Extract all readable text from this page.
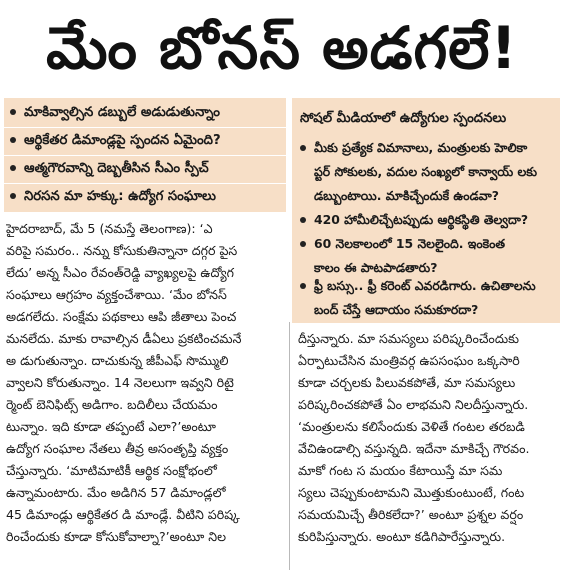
మేం బోనస్ అడగలే!
మాకివ్వాల్సిన డబ్బులే అడుడుతున్నాం
ఆర్థికేతర డిమాండ్లపై స్పందన ఏమైంది?
ఆత్మగౌరవాన్ని దెబ్బతీసిన సీఎం స్పీచ్
నిరసన మా హక్కు: ఉద్యోగ సంఘాలు
సోషల్ మీడియాలో ఉద్యోగుల స్పందనలు
మీకు ప్రత్యేక విమానాలు, మంత్రులకు హెలికా
ప్టర్ సోకులకు, వదుల సంఖ్యలో కాన్వాయ్ లకు
డబ్బుంటాయి. మాకిచ్చేందుకే ఉండవా?
420 హామీలిచ్చేటప్పుడు ఆర్థికస్థితి తెల్వదా?
60 నెలకాలంలో 15 నెలలైంది. ఇంకెంత
కాలం ఈ పాటపాడతారు?
ఫ్రీ బస్సు.. ఫ్రీ కరెంట్ ఎవరడిగారు. ఉచితాలను
బంద్ చేస్తే ఆదాయం సమకూరదా?
హైదరాబాద్, మే 5 (నమస్తే తెలంగాణ): ‘ఎ
వరిపై సమరం.. నన్ను కోసుకుతిన్నానా దగ్గర పైస
లేదు’ అన్న సీఎం రేవంత్‌రెడ్డి వ్యాఖ్యలపై ఉద్యోగ
సంఘాలు ఆగ్రహం వ్యక్తంచేశాయి. ‘మేం బోనస్
అడగలేదు. సంక్షేమ పథకాలు ఆపి జీతాలు పెంచ
మనలేదు. మాకు రావాల్సిన డీఏలు ప్రకటించమనే
అ డుగుతున్నాం. దాచుకున్న జీపీఎఫ్ సొమ్ములి
వ్వాలని కోరుతున్నాం. 14 నెలలుగా ఇవ్వని రిటై
ర్మెంట్ బెనిఫిట్స్ అడిగాం. బదిలీలు చేయమం
టున్నాం. ఇది కూడా తప్పంటే ఎలా?’అంటూ
ఉద్యోగ సంఘాల నేతలు తీవ్ర అసంతృప్తి వ్యక్తం
చేస్తున్నారు. ‘మాటిమాటికీ ఆర్థిక సంక్షోభంలో
ఉన్నామంటారు. మేం అడిగిన 57 డిమాండ్లలో
45 డిమాండ్లు ఆర్థికేతర డి మాండ్లే. వీటిని పరిష్క
రించేందుకు కూడా కోసుకోవాల్నా?’అంటూ నిల
దీస్తున్నారు. మా సమస్యలు పరిష్కరించేందుకు
ఏర్పాటుచేసిన మంత్రివర్గ ఉపసంఘం ఒక్కసారి
కూడా చర్చలకు పిలువకపోతే, మా సమస్యలు
పరిష్కరించకపోతే ఏం లాభమని నిలదీస్తున్నారు.
‘మంత్రులను కలిసేందుకు వెళితే గంటల తరబడి
వేచిఉండాల్సి వస్తున్నది. ఇదేనా మాకిచ్చే గౌరవం.
మాకో గంట స మయం కేటాయిస్తే మా సమ
స్యలు చెప్పుకుంటామని మొత్తుకుంటుంటే, గంట
సమయమిచ్చే తీరికలేదా?’ అంటూ ప్రశ్నల వర్షం
కురిపిస్తున్నారు. అంటూ కడిగిపారేస్తున్నారు.
